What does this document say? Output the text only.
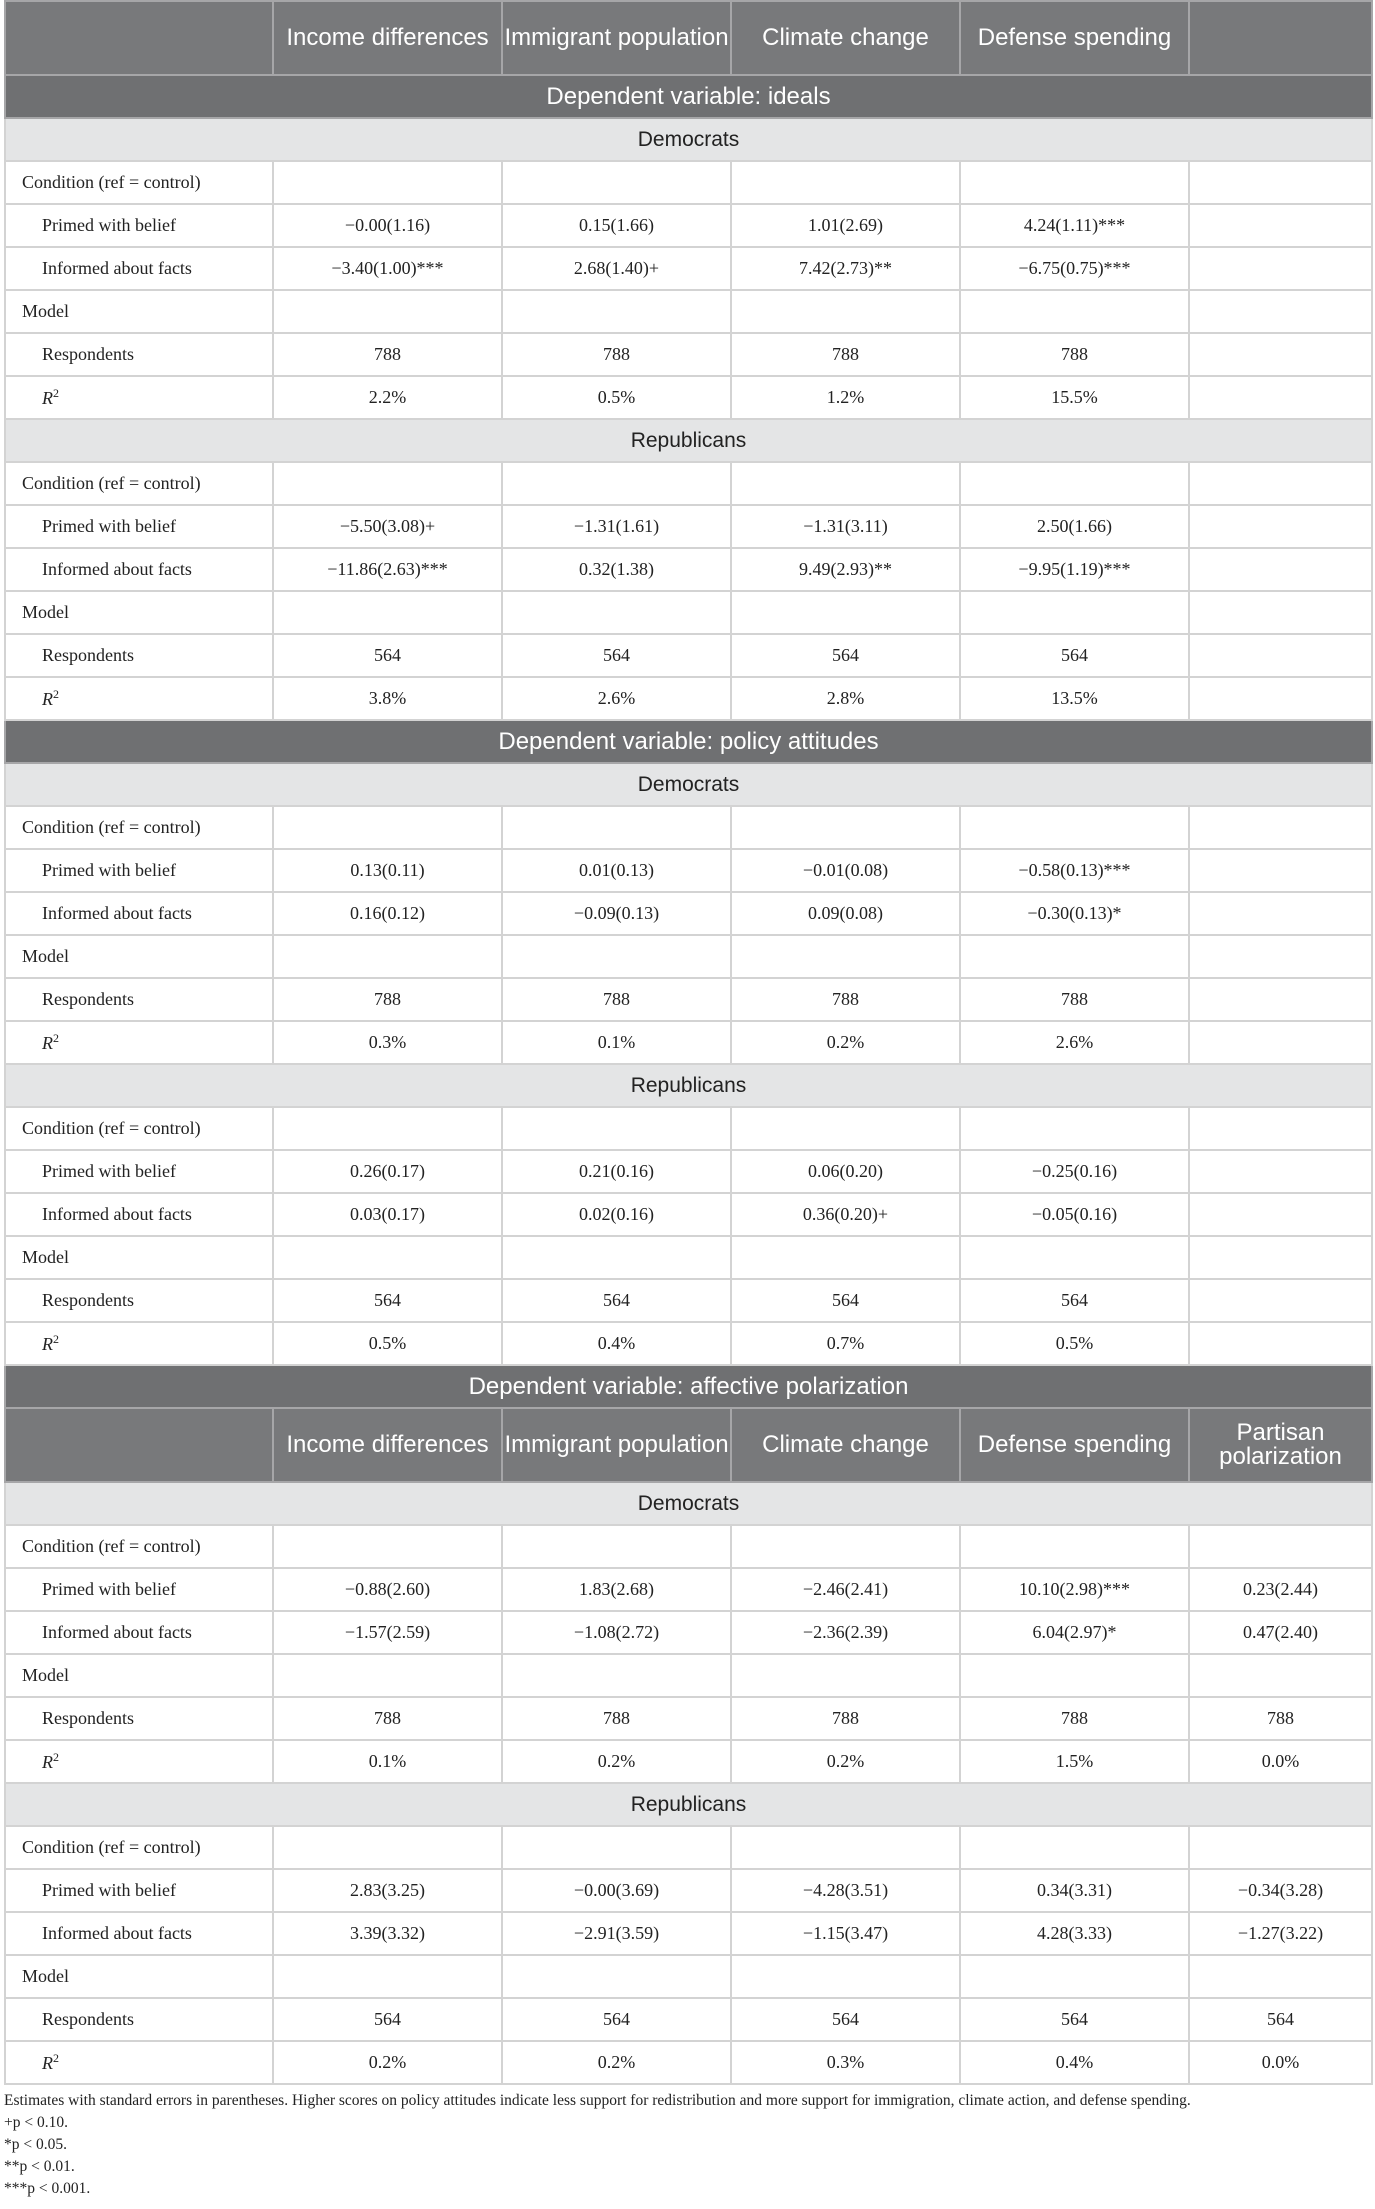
	Income differences	Immigrant population	Climate change	Defense spending	
Dependent variable: ideals					
Democrats					
Condition (ref = control)					
Primed with belief	−0.00(1.16)	0.15(1.66)	1.01(2.69)	4.24(1.11)***	
Informed about facts	−3.40(1.00)***	2.68(1.40)+	7.42(2.73)**	−6.75(0.75)***	
Model					
Respondents	788	788	788	788	
$R^2$	2.2%	0.5%	1.2%	15.5%	
Republicans					
Condition (ref = control)					
Primed with belief	−5.50(3.08)+	−1.31(1.61)	−1.31(3.11)	2.50(1.66)	
Informed about facts	−11.86(2.63)***	0.32(1.38)	9.49(2.93)**	−9.95(1.19)***	
Model					
Respondents	564	564	564	564	
$R^2$	3.8%	2.6%	2.8%	13.5%	
Dependent variable: policy attitudes					
Democrats					
Condition (ref = control)					
Primed with belief	0.13(0.11)	0.01(0.13)	−0.01(0.08)	−0.58(0.13)***	
Informed about facts	0.16(0.12)	−0.09(0.13)	0.09(0.08)	−0.30(0.13)*	
Model					
Respondents	788	788	788	788	
$R^2$	0.3%	0.1%	0.2%	2.6%	
Republicans					
Condition (ref = control)					
Primed with belief	0.26(0.17)	0.21(0.16)	0.06(0.20)	−0.25(0.16)	
Informed about facts	0.03(0.17)	0.02(0.16)	0.36(0.20)+	−0.05(0.16)	
Model					
Respondents	564	564	564	564	
$R^2$	0.5%	0.4%	0.7%	0.5%	
Dependent variable: affective polarization					
	Income differences	Immigrant population	Climate change	Defense spending	Partisan polarization
Democrats					
Condition (ref = control)					
Primed with belief	−0.88(2.60)	1.83(2.68)	−2.46(2.41)	10.10(2.98)***	0.23(2.44)
Informed about facts	−1.57(2.59)	−1.08(2.72)	−2.36(2.39)	6.04(2.97)*	0.47(2.40)
Model					
Respondents	788	788	788	788	788
$R^2$	0.1%	0.2%	0.2%	1.5%	0.0%
Republicans					
Condition (ref = control)					
Primed with belief	2.83(3.25)	−0.00(3.69)	−4.28(3.51)	0.34(3.31)	−0.34(3.28)
Informed about facts	3.39(3.32)	−2.91(3.59)	−1.15(3.47)	4.28(3.33)	−1.27(3.22)
Model					
Respondents	564	564	564	564	564
$R^2$	0.2%	0.2%	0.3%	0.4%	0.0%
Estimates with standard errors in parentheses. Higher scores on policy attitudes indicate less support for redistribution and more support for immigration, climate action, and defense spending.
+p < 0.10.
*p < 0.05.
**p < 0.01.
***p < 0.001.
